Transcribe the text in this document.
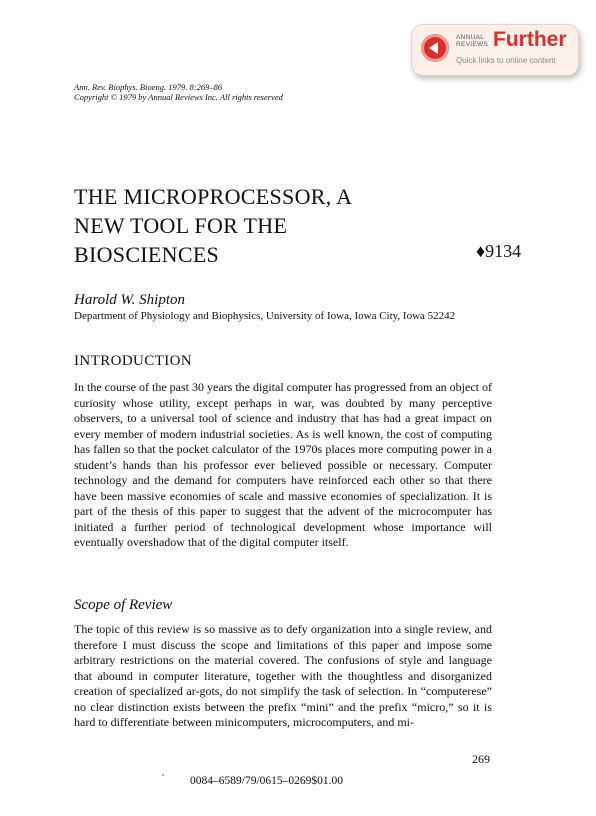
ANNUAL
REVIEWS Further
Quick links to online content
Ann. Rev. Biophys. Bioeng. 1979. 8:269–86
Copyright © 1979 by Annual Reviews Inc. All rights reserved
THE MICROPROCESSOR, A
NEW TOOL FOR THE
BIOSCIENCES	♦9134
Harold W. Shipton
Department of Physiology and Biophysics, University of Iowa, Iowa City, Iowa 52242
INTRODUCTION
In the course of the past 30 years the digital computer has progressed from an object of curiosity whose utility, except perhaps in war, was doubted by many perceptive observers, to a universal tool of science and industry that has had a great impact on every member of modern industrial societies. As is well known, the cost of computing has fallen so that the pocket calculator of the 1970s places more computing power in a student’s hands than his professor ever believed possible or necessary. Computer technology and the demand for computers have reinforced each other so that there have been massive economies of scale and massive economies of specialization. It is part of the thesis of this paper to suggest that the advent of the microcomputer has initiated a further period of technological development whose importance will eventually overshadow that of the digital computer itself.
Scope of Review
The topic of this review is so massive as to defy organization into a single review, and therefore I must discuss the scope and limitations of this paper and impose some arbitrary restrictions on the material covered. The confusions of style and language that abound in computer literature, together with the thoughtless and disorganized creation of specialized ar-gots, do not simplify the task of selection. In “computerese” no clear distinction exists between the prefix “mini” and the prefix “micro,” so it is hard to differentiate between minicomputers, microcomputers, and mi-
269
0084–6589/79/0615–0269$01.00
